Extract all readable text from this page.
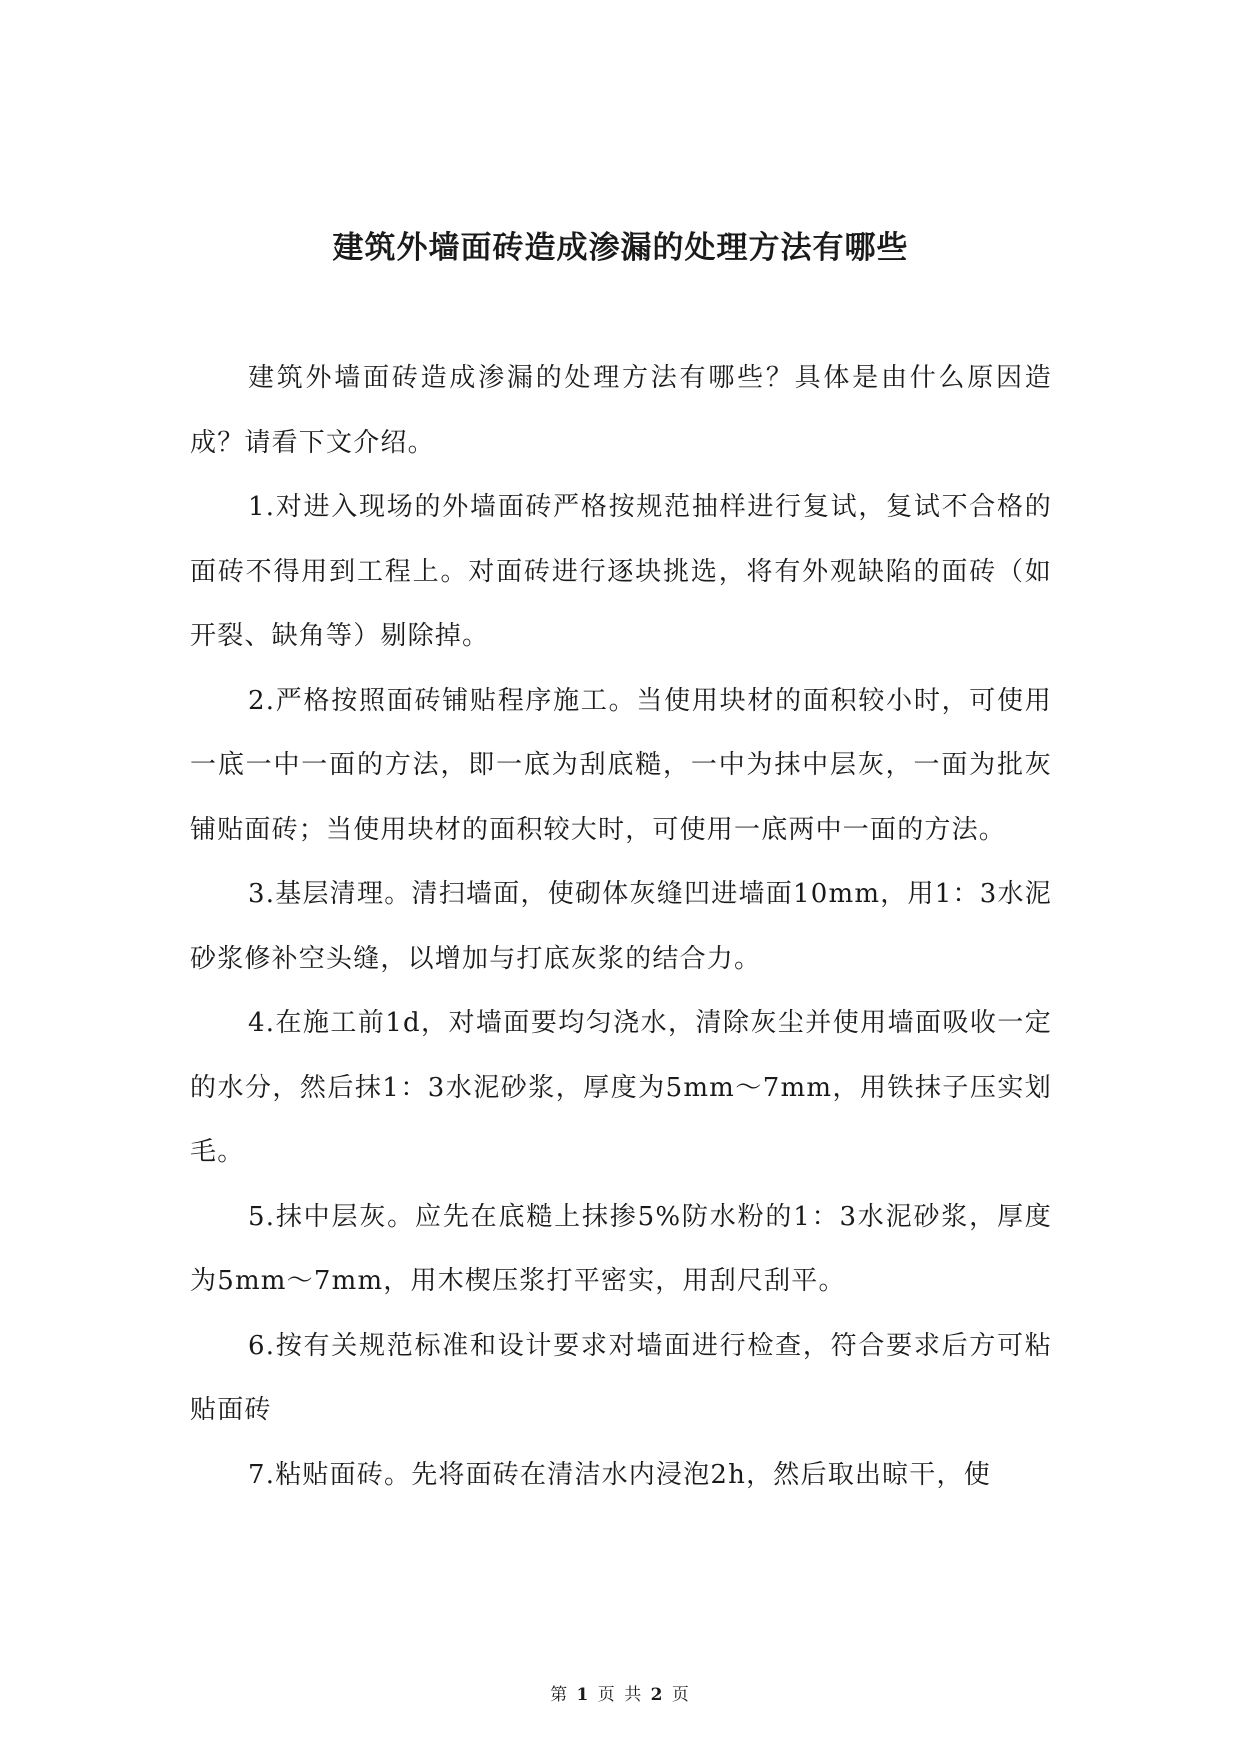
建筑外墙面砖造成渗漏的处理方法有哪些

建筑外墙面砖造成渗漏的处理方法有哪些？具体是由什么原因造成？请看下文介绍。

1.对进入现场的外墙面砖严格按规范抽样进行复试，复试不合格的面砖不得用到工程上。对面砖进行逐块挑选，将有外观缺陷的面砖（如开裂、缺角等）剔除掉。

2.严格按照面砖铺贴程序施工。当使用块材的面积较小时，可使用一底一中一面的方法，即一底为刮底糙，一中为抹中层灰，一面为批灰铺贴面砖；当使用块材的面积较大时，可使用一底两中一面的方法。

3.基层清理。清扫墙面，使砌体灰缝凹进墙面10mm，用1：3水泥砂浆修补空头缝，以增加与打底灰浆的结合力。

4.在施工前1d，对墙面要均匀浇水，清除灰尘并使用墙面吸收一定的水分，然后抹1：3水泥砂浆，厚度为5mm～7mm，用铁抹子压实划毛。

5.抹中层灰。应先在底糙上抹掺5%防水粉的1：3水泥砂浆，厚度为5mm～7mm，用木楔压浆打平密实，用刮尺刮平。

6.按有关规范标准和设计要求对墙面进行检查，符合要求后方可粘贴面砖

7.粘贴面砖。先将面砖在清洁水内浸泡2h，然后取出晾干，使

第 1 页 共 2 页
